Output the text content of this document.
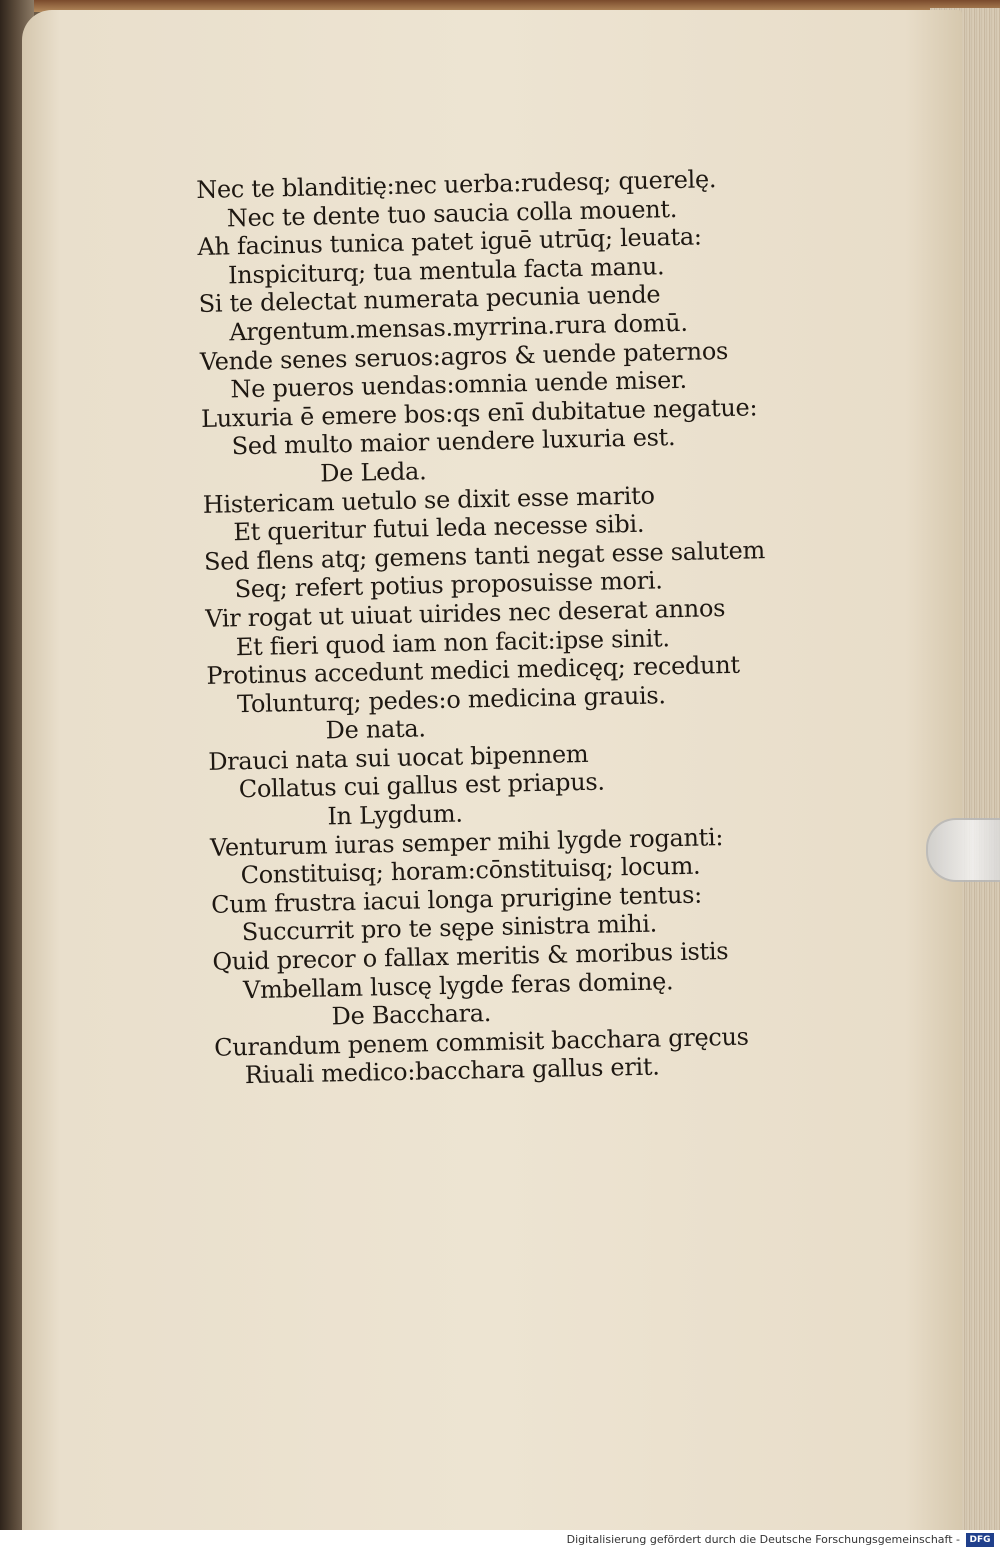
Nec te blanditię:nec uerba:rudesq; querelę.
Nec te dente tuo saucia colla mouent.
Ah facinus tunica patet iguē utrūq; leuata:
Inspiciturq; tua mentula facta manu.
Si te delectat numerata pecunia uende
Argentum.mensas.myrrina.rura domū.
Vende senes seruos:agros & uende paternos
Ne pueros uendas:omnia uende miser.
Luxuria ē emere bos:qs enī dubitatue negatue:
Sed multo maior uendere luxuria est.
De Leda.
Histericam uetulo se dixit esse marito
Et queritur futui leda necesse sibi.
Sed flens atq; gemens tanti negat esse salutem
Seq; refert potius proposuisse mori.
Vir rogat ut uiuat uirides nec deserat annos
Et fieri quod iam non facit:ipse sinit.
Protinus accedunt medici medicęq; recedunt
Tolunturq; pedes:o medicina grauis.
De nata.
Drauci nata sui uocat bipennem
Collatus cui gallus est priapus.
In Lygdum.
Venturum iuras semper mihi lygde roganti:
Constituisq; horam:cōnstituisq; locum.
Cum frustra iacui longa prurigine tentus:
Succurrit pro te sępe sinistra mihi.
Quid precor o fallax meritis & moribus istis
Vmbellam luscę lygde feras dominę.
De Bacchara.
Curandum penem commisit bacchara gręcus
Riuali medico:bacchara gallus erit.
Digitalisierung gefördert durch die Deutsche Forschungsgemeinschaft -	DFG
